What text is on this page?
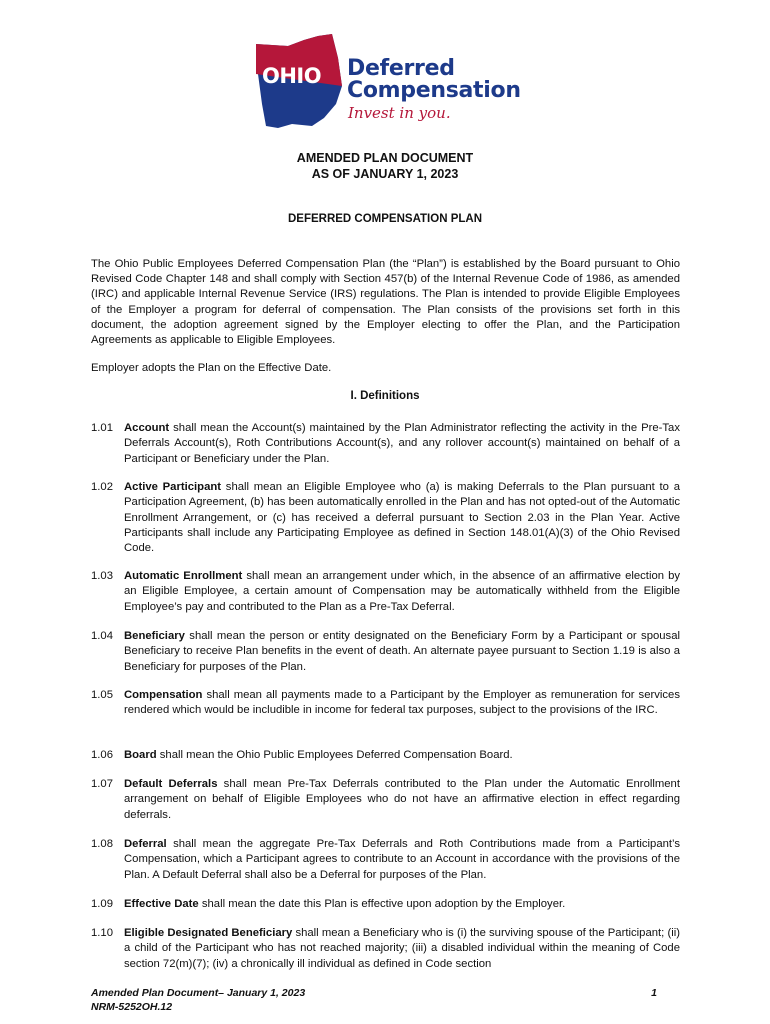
OHIO Deferred
Compensation
Invest in you.
AMENDED PLAN DOCUMENT
AS OF JANUARY 1, 2023
DEFERRED COMPENSATION PLAN
The Ohio Public Employees Deferred Compensation Plan (the “Plan”) is established by the Board pursuant to Ohio Revised Code Chapter 148 and shall comply with Section 457(b) of the Internal Revenue Code of 1986, as amended (IRC) and applicable Internal Revenue Service (IRS) regulations. The Plan is intended to provide Eligible Employees of the Employer a program for deferral of compensation. The Plan consists of the provisions set forth in this document, the adoption agreement signed by the Employer electing to offer the Plan, and the Participation Agreements as applicable to Eligible Employees.
Employer adopts the Plan on the Effective Date.
I. Definitions
1.01 Account shall mean the Account(s) maintained by the Plan Administrator reflecting the activity in the Pre-Tax Deferrals Account(s), Roth Contributions Account(s), and any rollover account(s) maintained on behalf of a Participant or Beneficiary under the Plan.
1.02 Active Participant shall mean an Eligible Employee who (a) is making Deferrals to the Plan pursuant to a Participation Agreement, (b) has been automatically enrolled in the Plan and has not opted-out of the Automatic Enrollment Arrangement, or (c) has received a deferral pursuant to Section 2.03 in the Plan Year. Active Participants shall include any Participating Employee as defined in Section 148.01(A)(3) of the Ohio Revised Code.
1.03 Automatic Enrollment shall mean an arrangement under which, in the absence of an affirmative election by an Eligible Employee, a certain amount of Compensation may be automatically withheld from the Eligible Employee’s pay and contributed to the Plan as a Pre-Tax Deferral.
1.04 Beneficiary shall mean the person or entity designated on the Beneficiary Form by a Participant or spousal Beneficiary to receive Plan benefits in the event of death. An alternate payee pursuant to Section 1.19 is also a Beneficiary for purposes of the Plan.
1.05 Compensation shall mean all payments made to a Participant by the Employer as remuneration for services rendered which would be includible in income for federal tax purposes, subject to the provisions of the IRC.
1.06 Board shall mean the Ohio Public Employees Deferred Compensation Board.
1.07 Default Deferrals shall mean Pre-Tax Deferrals contributed to the Plan under the Automatic Enrollment arrangement on behalf of Eligible Employees who do not have an affirmative election in effect regarding deferrals.
1.08 Deferral shall mean the aggregate Pre-Tax Deferrals and Roth Contributions made from a Participant’s Compensation, which a Participant agrees to contribute to an Account in accordance with the provisions of the Plan. A Default Deferral shall also be a Deferral for purposes of the Plan.
1.09 Effective Date shall mean the date this Plan is effective upon adoption by the Employer.
1.10 Eligible Designated Beneficiary shall mean a Beneficiary who is (i) the surviving spouse of the Participant; (ii) a child of the Participant who has not reached majority; (iii) a disabled individual within the meaning of Code section 72(m)(7); (iv) a chronically ill individual as defined in Code section
Amended Plan Document– January 1, 2023
NRM-5252OH.12
1
